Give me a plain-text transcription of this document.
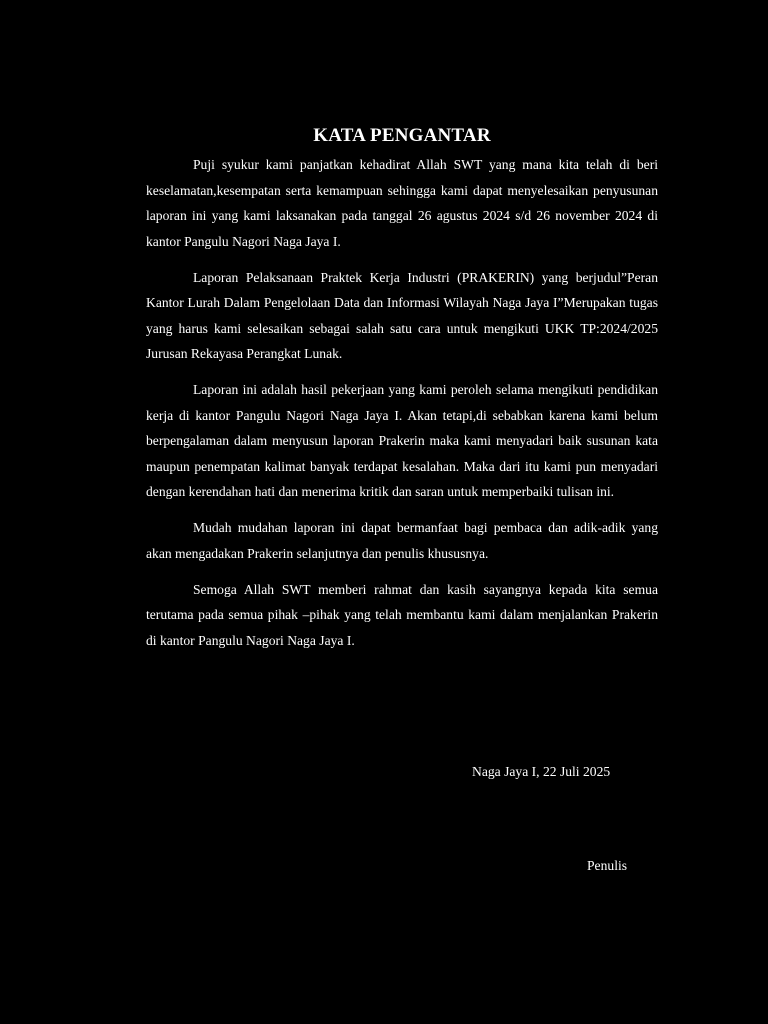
KATA PENGANTAR

Puji syukur kami panjatkan kehadirat Allah SWT yang mana kita telah di beri keselamatan,kesempatan serta kemampuan sehingga kami dapat menyelesaikan penyusunan laporan ini yang kami laksanakan pada tanggal 26 agustus 2024 s/d 26 november 2024 di kantor Pangulu Nagori Naga Jaya I.

Laporan Pelaksanaan Praktek Kerja Industri (PRAKERIN) yang berjudul”Peran Kantor Lurah Dalam Pengelolaan Data dan Informasi Wilayah Naga Jaya I”Merupakan tugas yang harus kami selesaikan sebagai salah satu cara untuk mengikuti UKK TP:2024/2025 Jurusan Rekayasa Perangkat Lunak.

Laporan ini adalah hasil pekerjaan yang kami peroleh selama mengikuti pendidikan kerja di kantor Pangulu Nagori Naga Jaya I. Akan tetapi,di sebabkan karena kami belum berpengalaman dalam menyusun laporan Prakerin maka kami menyadari baik susunan kata maupun penempatan kalimat banyak terdapat kesalahan. Maka dari itu kami pun menyadari dengan kerendahan hati dan menerima kritik dan saran untuk memperbaiki tulisan ini.

Mudah mudahan laporan ini dapat bermanfaat bagi pembaca dan adik-adik yang akan mengadakan Prakerin selanjutnya dan penulis khususnya.

Semoga Allah SWT memberi rahmat dan kasih sayangnya kepada kita semua terutama pada semua pihak –pihak yang telah membantu kami dalam menjalankan Prakerin di kantor Pangulu Nagori Naga Jaya I.

Naga Jaya I, 22 Juli 2025
Penulis
